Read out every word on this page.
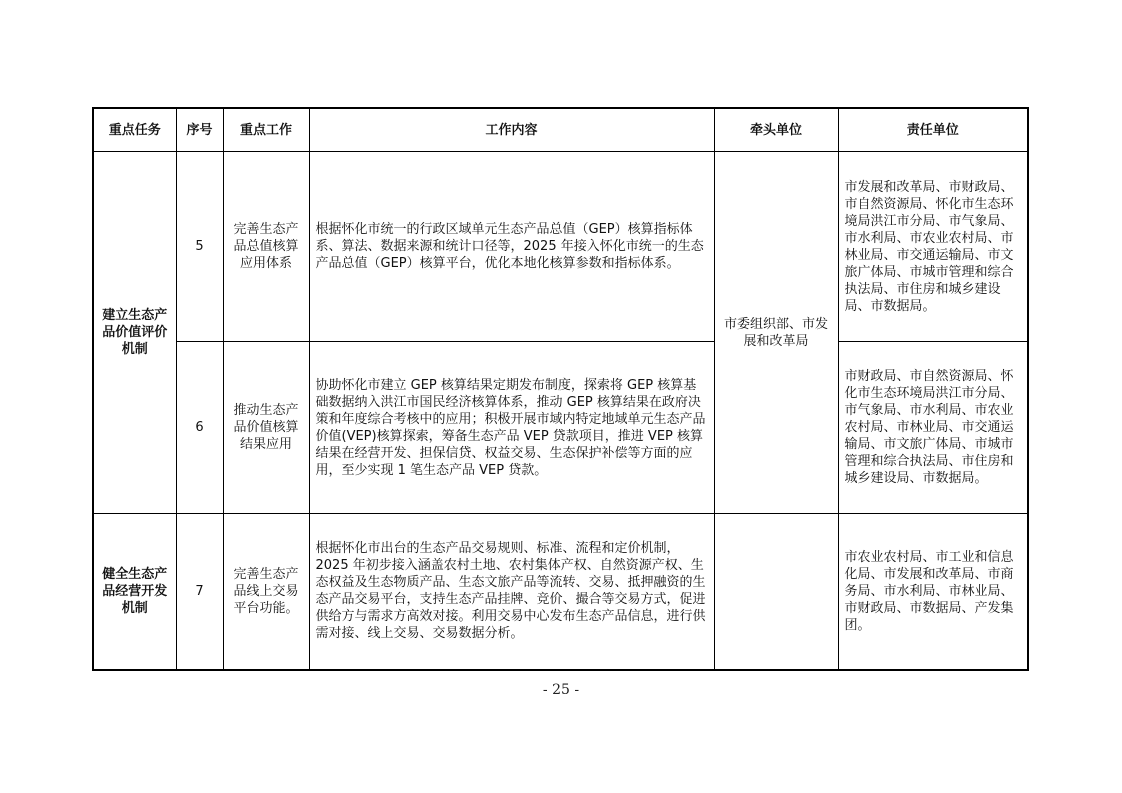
重点任务	序号	重点工作	工作内容	牵头单位	责任单位
建立生态产品价值评价机制	5	完善生态产品总值核算应用体系	根据怀化市统一的行政区域单元生态产品总值（GEP）核算指标体系、算法、数据来源和统计口径等，2025 年接入怀化市统一的生态产品总值（GEP）核算平台，优化本地化核算参数和指标体系。	市委组织部、市发展和改革局	市发展和改革局、市财政局、市自然资源局、怀化市生态环境局洪江市分局、市气象局、市水利局、市农业农村局、市林业局、市交通运输局、市文旅广体局、市城市管理和综合执法局、市住房和城乡建设局、市数据局。
	6	推动生态产品价值核算结果应用	协助怀化市建立 GEP 核算结果定期发布制度，探索将 GEP 核算基础数据纳入洪江市国民经济核算体系，推动 GEP 核算结果在政府决策和年度综合考核中的应用；积极开展市域内特定地域单元生态产品价值(VEP)核算探索，筹备生态产品 VEP 贷款项目，推进 VEP 核算结果在经营开发、担保信贷、权益交易、生态保护补偿等方面的应用，至少实现 1 笔生态产品 VEP 贷款。		市财政局、市自然资源局、怀化市生态环境局洪江市分局、市气象局、市水利局、市农业农村局、市林业局、市交通运输局、市文旅广体局、市城市管理和综合执法局、市住房和城乡建设局、市数据局。
健全生态产品经营开发机制	7	完善生态产品线上交易平台功能。	根据怀化市出台的生态产品交易规则、标准、流程和定价机制，2025 年初步接入涵盖农村土地、农村集体产权、自然资源产权、生态权益及生态物质产品、生态文旅产品等流转、交易、抵押融资的生态产品交易平台，支持生态产品挂牌、竞价、撮合等交易方式，促进供给方与需求方高效对接。利用交易中心发布生态产品信息，进行供需对接、线上交易、交易数据分析。		市农业农村局、市工业和信息化局、市发展和改革局、市商务局、市水利局、市林业局、市财政局、市数据局、产发集团。
- 25 -
